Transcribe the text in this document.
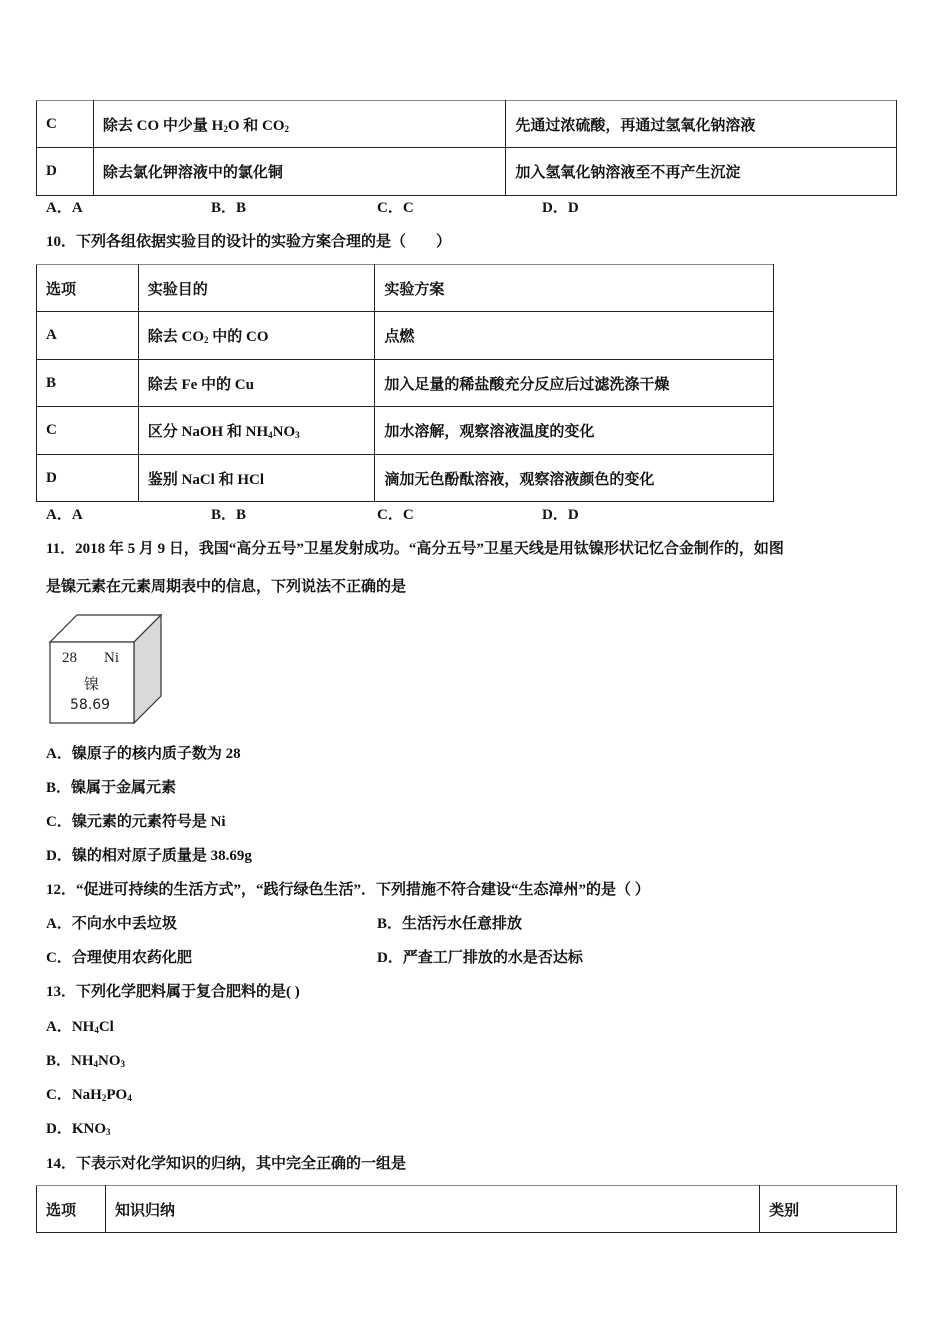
C	除去 CO 中少量 $H_2O$ 和 $CO_2$	先通过浓硫酸，再通过氢氧化钠溶液
D	除去氯化钾溶液中的氯化铜	加入氢氧化钠溶液至不再产生沉淀
A．A	B．B	C．C	D．D
10．下列各组依据实验目的设计的实验方案合理的是（　　）
选项	实验目的	实验方案
A	除去 $CO_2$ 中的 CO	点燃
B	除去 Fe 中的 Cu	加入足量的稀盐酸充分反应后过滤洗涤干燥
C	区分 NaOH 和 $NH_4NO_3$	加水溶解，观察溶液温度的变化
D	鉴别 NaCl 和 HCl	滴加无色酚酞溶液，观察溶液颜色的变化
A．A	B．B	C．C	D．D
11．2018 年 5 月 9 日，我国“高分五号”卫星发射成功。“高分五号”卫星天线是用钛镍形状记忆合金制作的，如图
是镍元素在元素周期表中的信息，下列说法不正确的是
28 Ni
镍
58.69
A．镍原子的核内质子数为 28
B．镍属于金属元素
C．镍元素的元素符号是 Ni
D．镍的相对原子质量是 38.69g
12．“促进可持续的生活方式”，“践行绿色生活”．下列措施不符合建设“生态漳州”的是（ ）
A．不向水中丢垃圾	B．生活污水任意排放
C．合理使用农药化肥	D．严查工厂排放的水是否达标
13．下列化学肥料属于复合肥料的是( )
A．$NH_4Cl$
B．$NH_4NO_3$
C．$NaH_2PO_4$
D．$KNO_3$
14．下表示对化学知识的归纳，其中完全正确的一组是
选项	知识归纳	类别
